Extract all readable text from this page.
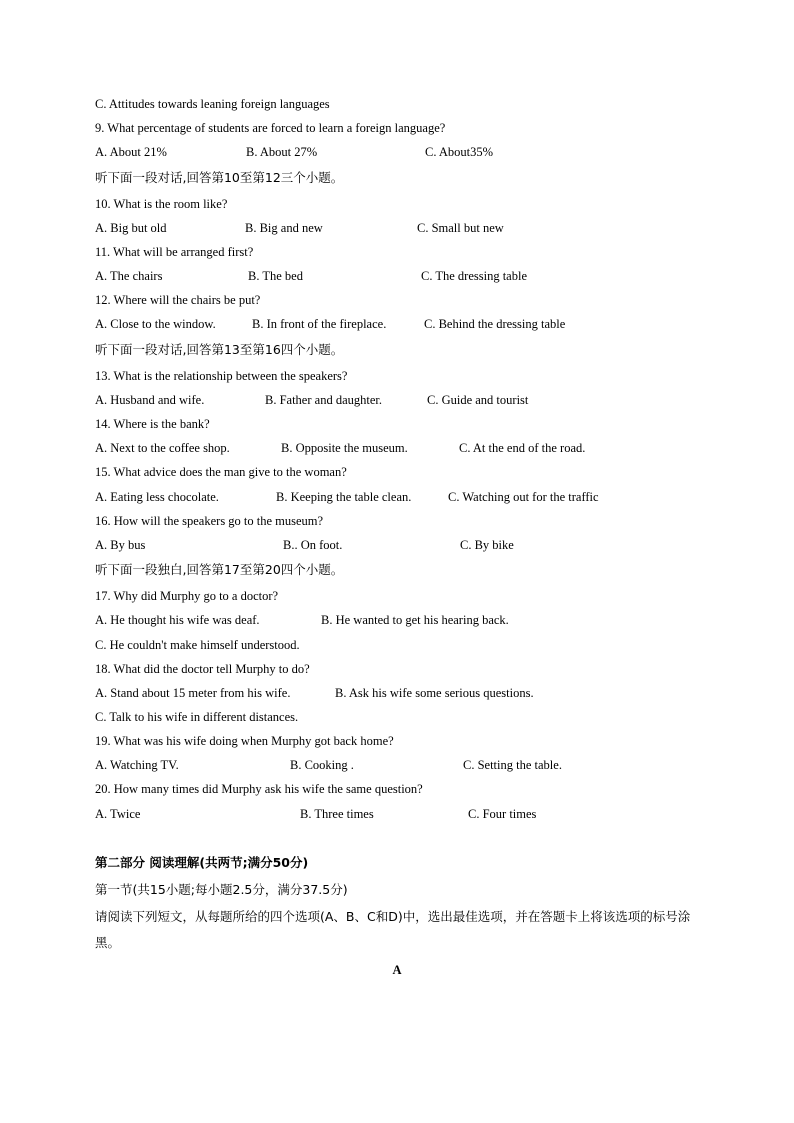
C. Attitudes towards leaning foreign languages
9. What percentage of students are forced to learn a foreign language?
A. About 21%	B. About 27%	C. About35%
听下面一段对话,回答第10至第12三个小题。
10. What is the room like?
A. Big but old	B. Big and new	C. Small but new
11. What will be arranged first?
A. The chairs	B. The bed	C. The dressing table
12. Where will the chairs be put?
A. Close to the window.	B. In front of the fireplace.	C. Behind the dressing table
听下面一段对话,回答第13至第16四个小题。
13. What is the relationship between the speakers?
A. Husband and wife.	B. Father and daughter.	C. Guide and tourist
14. Where is the bank?
A. Next to the coffee shop.	B. Opposite the museum.	C. At the end of the road.
15. What advice does the man give to the woman?
A. Eating less chocolate.	B. Keeping the table clean.	C. Watching out for the traffic
16. How will the speakers go to the museum?
A. By bus	B.. On foot.	C. By bike
听下面一段独白,回答第17至第20四个小题。
17. Why did Murphy go to a doctor?
A. He thought his wife was deaf.	B. He wanted to get his hearing back.
C. He couldn't make himself understood.
18. What did the doctor tell Murphy to do?
A. Stand about 15 meter from his wife.	B. Ask his wife some serious questions.
C. Talk to his wife in different distances.
19. What was his wife doing when Murphy got back home?
A. Watching TV.	B. Cooking .	C. Setting the table.
20. How many times did Murphy ask his wife the same question?
A. Twice	B. Three times	C. Four times
第二部分 阅读理解(共两节;满分50分)
第一节(共15小题;每小题2.5分，满分37.5分)
请阅读下列短文，从每题所给的四个选项(A、B、C和D)中，选出最佳选项，并在答题卡上将该选项的标号涂黑。
A
